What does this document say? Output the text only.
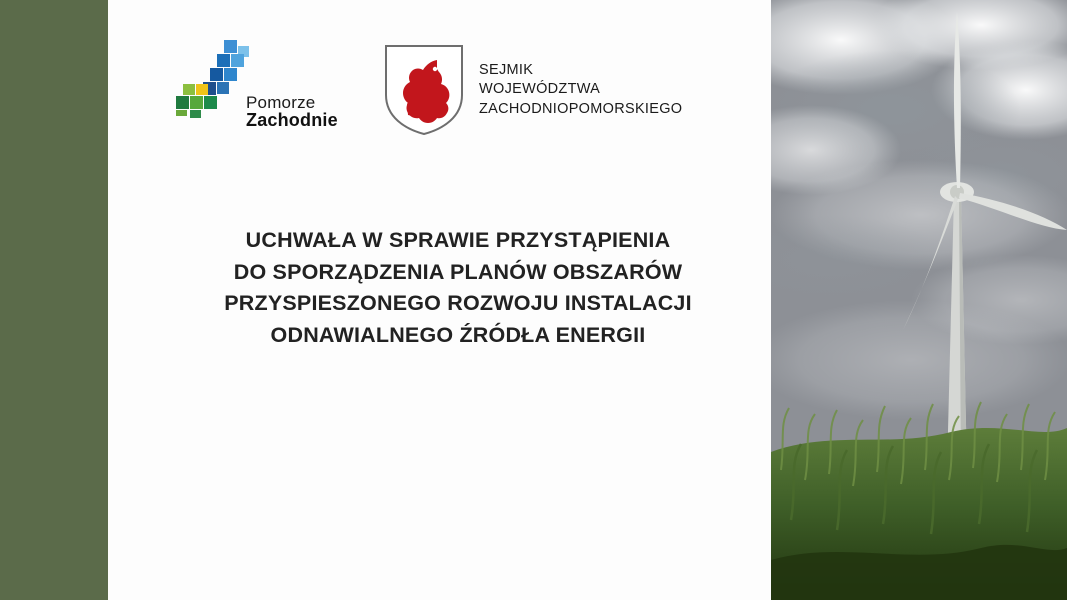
Pomorze
Zachodnie
SEJMIK
WOJEWÓDZTWA
ZACHODNIOPOMORSKIEGO
UCHWAŁA W SPRAWIE PRZYSTĄPIENIA
DO SPORZĄDZENIA PLANÓW OBSZARÓW
PRZYSPIESZONEGO ROZWOJU INSTALACJI
ODNAWIALNEGO ŹRÓDŁA ENERGII
